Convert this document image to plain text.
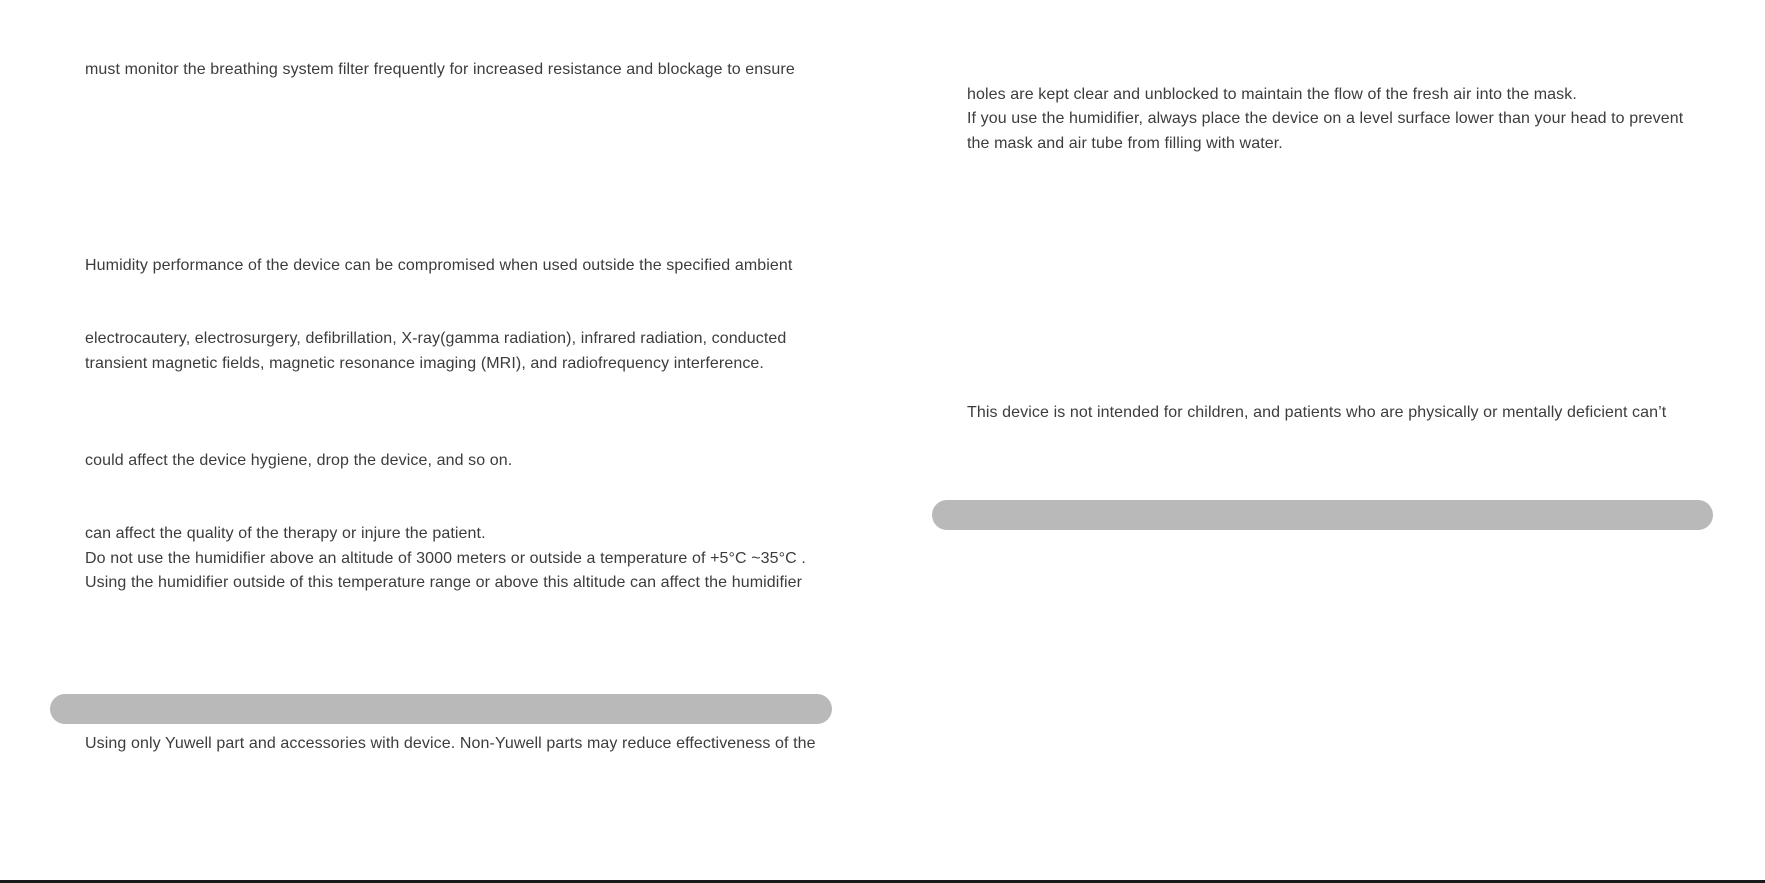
must monitor the breathing system filter frequently for increased resistance and blockage to ensure
Humidity performance of the device can be compromised when used outside the specified ambient
electrocautery, electrosurgery, defibrillation, X-ray(gamma radiation), infrared radiation, conducted
transient magnetic fields, magnetic resonance imaging (MRI), and radiofrequency interference.
could affect the device hygiene, drop the device, and so on.
can affect the quality of the therapy or injure the patient.
Do not use the humidifier above an altitude of 3000 meters or outside a temperature of +5°C ~35°C .
Using the humidifier outside of this temperature range or above this altitude can affect the humidifier
Using only Yuwell part and accessories with device. Non-Yuwell parts may reduce effectiveness of the
holes are kept clear and unblocked to maintain the flow of the fresh air into the mask.
If you use the humidifier, always place the device on a level surface lower than your head to prevent
the mask and air tube from filling with water.
This device is not intended for children, and patients who are physically or mentally deficient can’t
